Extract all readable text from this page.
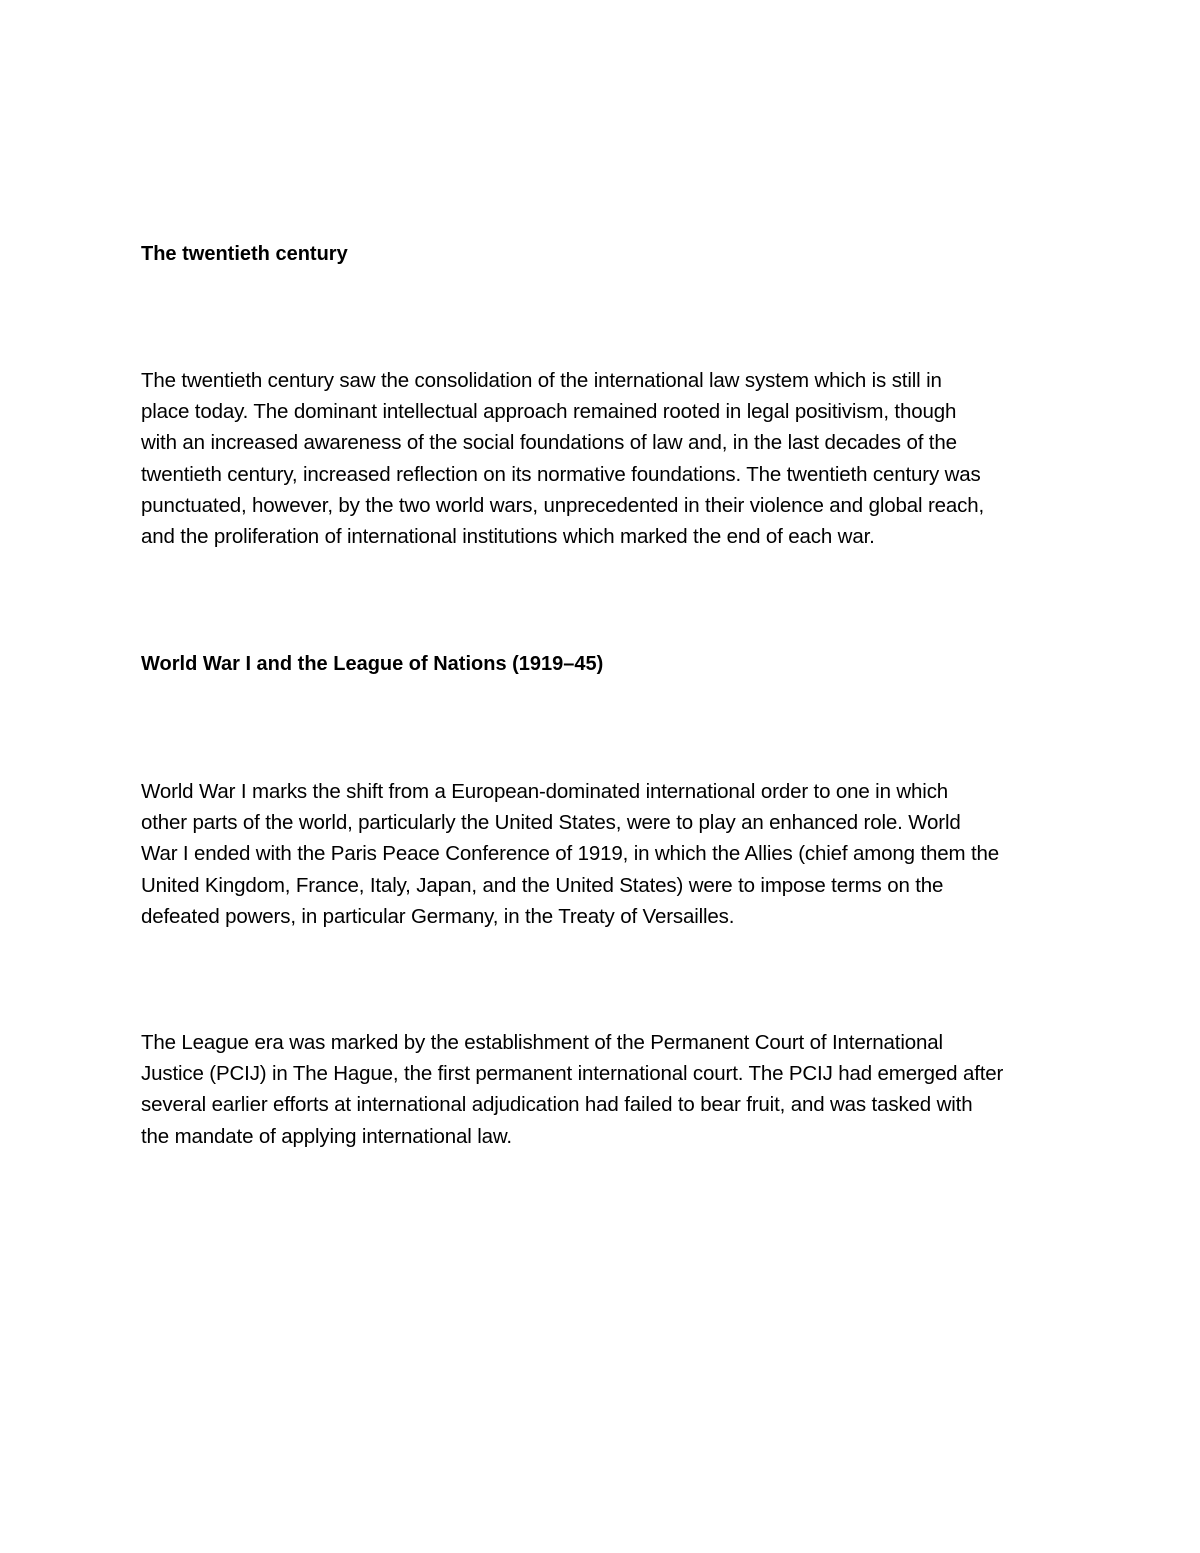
The twentieth century

The twentieth century saw the consolidation of the international law system which is still in
place today. The dominant intellectual approach remained rooted in legal positivism, though
with an increased awareness of the social foundations of law and, in the last decades of the
twentieth century, increased reflection on its normative foundations. The twentieth century was
punctuated, however, by the two world wars, unprecedented in their violence and global reach,
and the proliferation of international institutions which marked the end of each war.

World War I and the League of Nations (1919–45)

World War I marks the shift from a European-dominated international order to one in which
other parts of the world, particularly the United States, were to play an enhanced role. World
War I ended with the Paris Peace Conference of 1919, in which the Allies (chief among them the
United Kingdom, France, Italy, Japan, and the United States) were to impose terms on the
defeated powers, in particular Germany, in the Treaty of Versailles.

The League era was marked by the establishment of the Permanent Court of International
Justice (PCIJ) in The Hague, the first permanent international court. The PCIJ had emerged after
several earlier efforts at international adjudication had failed to bear fruit, and was tasked with
the mandate of applying international law.
